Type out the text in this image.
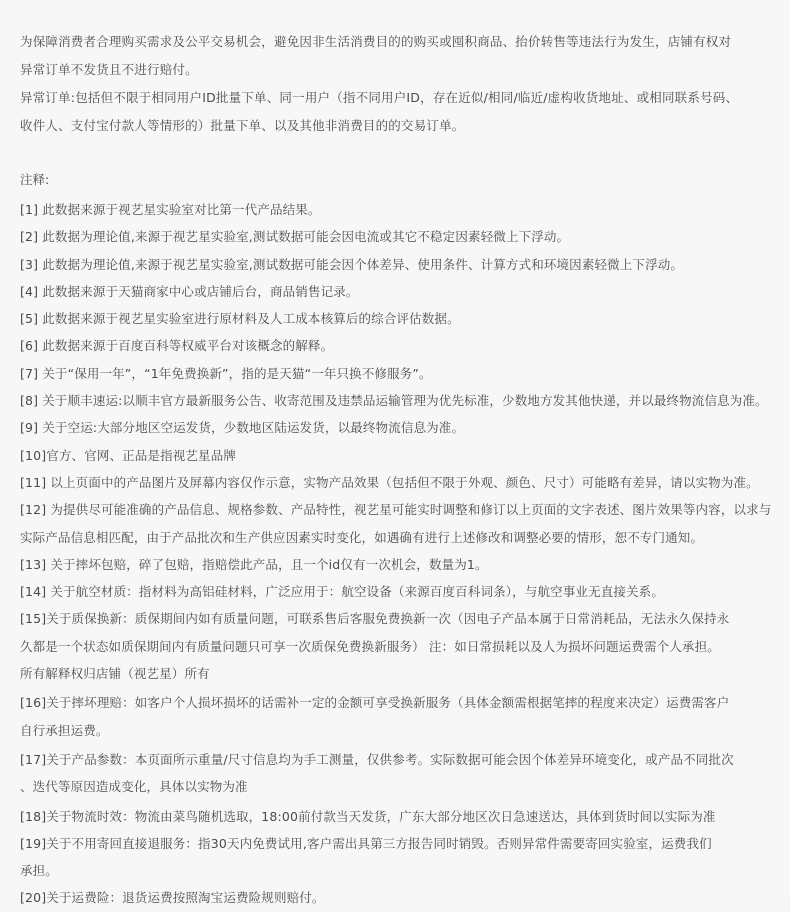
为保障消费者合理购买需求及公平交易机会，避免因非生活消费目的的购买或囤积商品、抬价转售等违法行为发生，店铺有权对

异常订单不发货且不进行赔付。

异常订单:包括但不限于相同用户ID批量下单、同一用户（指不同用户ID，存在近似/相同/临近/虚构收货地址、或相同联系号码、

收件人、支付宝付款人等情形的）批量下单、以及其他非消费目的的交易订单。

注释:

[1] 此数据来源于视艺星实验室对比第一代产品结果。

[2] 此数据为理论值,来源于视艺星实验室,测试数据可能会因电流或其它不稳定因素轻微上下浮动。

[3] 此数据为理论值,来源于视艺星实验室,测试数据可能会因个体差异、使用条件、计算方式和环境因素轻微上下浮动。

[4] 此数据来源于天猫商家中心或店铺后台，商品销售记录。

[5] 此数据来源于视艺星实验室进行原材料及人工成本核算后的综合评估数据。

[6] 此数据来源于百度百科等权威平台对该概念的解释。

[7] 关于“保用一年”，“1年免费换新”，指的是天猫“一年只换不修服务”。

[8] 关于顺丰速运:以顺丰官方最新服务公告、收寄范围及违禁品运输管理为优先标准，少数地方发其他快递，并以最终物流信息为准。

[9] 关于空运:大部分地区空运发货，少数地区陆运发货，以最终物流信息为准。

[10]官方、官网、正品是指视艺星品牌

[11] 以上页面中的产品图片及屏幕内容仅作示意，实物产品效果（包括但不限于外观、颜色、尺寸）可能略有差异，请以实物为准。

[12] 为提供尽可能准确的产品信息、规格参数、产品特性，视艺星可能实时调整和修订以上页面的文字表述、图片效果等内容，以求与
实际产品信息相匹配，由于产品批次和生产供应因素实时变化，如遇确有进行上述修改和调整必要的情形，恕不专门通知。

[13] 关于摔坏包赔，碎了包赔，指赔偿此产品，且一个id仅有一次机会，数量为1。

[14] 关于航空材质：指材料为高铝硅材料，广泛应用于：航空设备（来源百度百科词条），与航空事业无直接关系。

[15]关于质保换新：质保期间内如有质量问题，可联系售后客服免费换新一次（因电子产品本属于日常消耗品，无法永久保持永
久都是一个状态如质保期间内有质量问题只可享一次质保免费换新服务） 注：如日常损耗以及人为损坏问题运费需个人承担。
所有解释权归店铺（视艺星）所有

[16]关于摔坏理赔：如客户个人损坏损坏的话需补一定的金额可享受换新服务（具体金额需根据笔摔的程度来决定）运费需客户
自行承担运费。

[17]关于产品参数：本页面所示重量/尺寸信息均为手工测量，仅供参考。实际数据可能会因个体差异环境变化，或产品不同批次
、迭代等原因造成变化，具体以实物为准

[18]关于物流时效：物流由菜鸟随机选取，18:00前付款当天发货，广东大部分地区次日急速送达，具体到货时间以实际为准

[19]关于不用寄回直接退服务：指30天内免费试用,客户需出具第三方报告同时销毁。否则异常件需要寄回实验室，运费我们
承担。

[20]关于运费险：退货运费按照淘宝运费险规则赔付。
